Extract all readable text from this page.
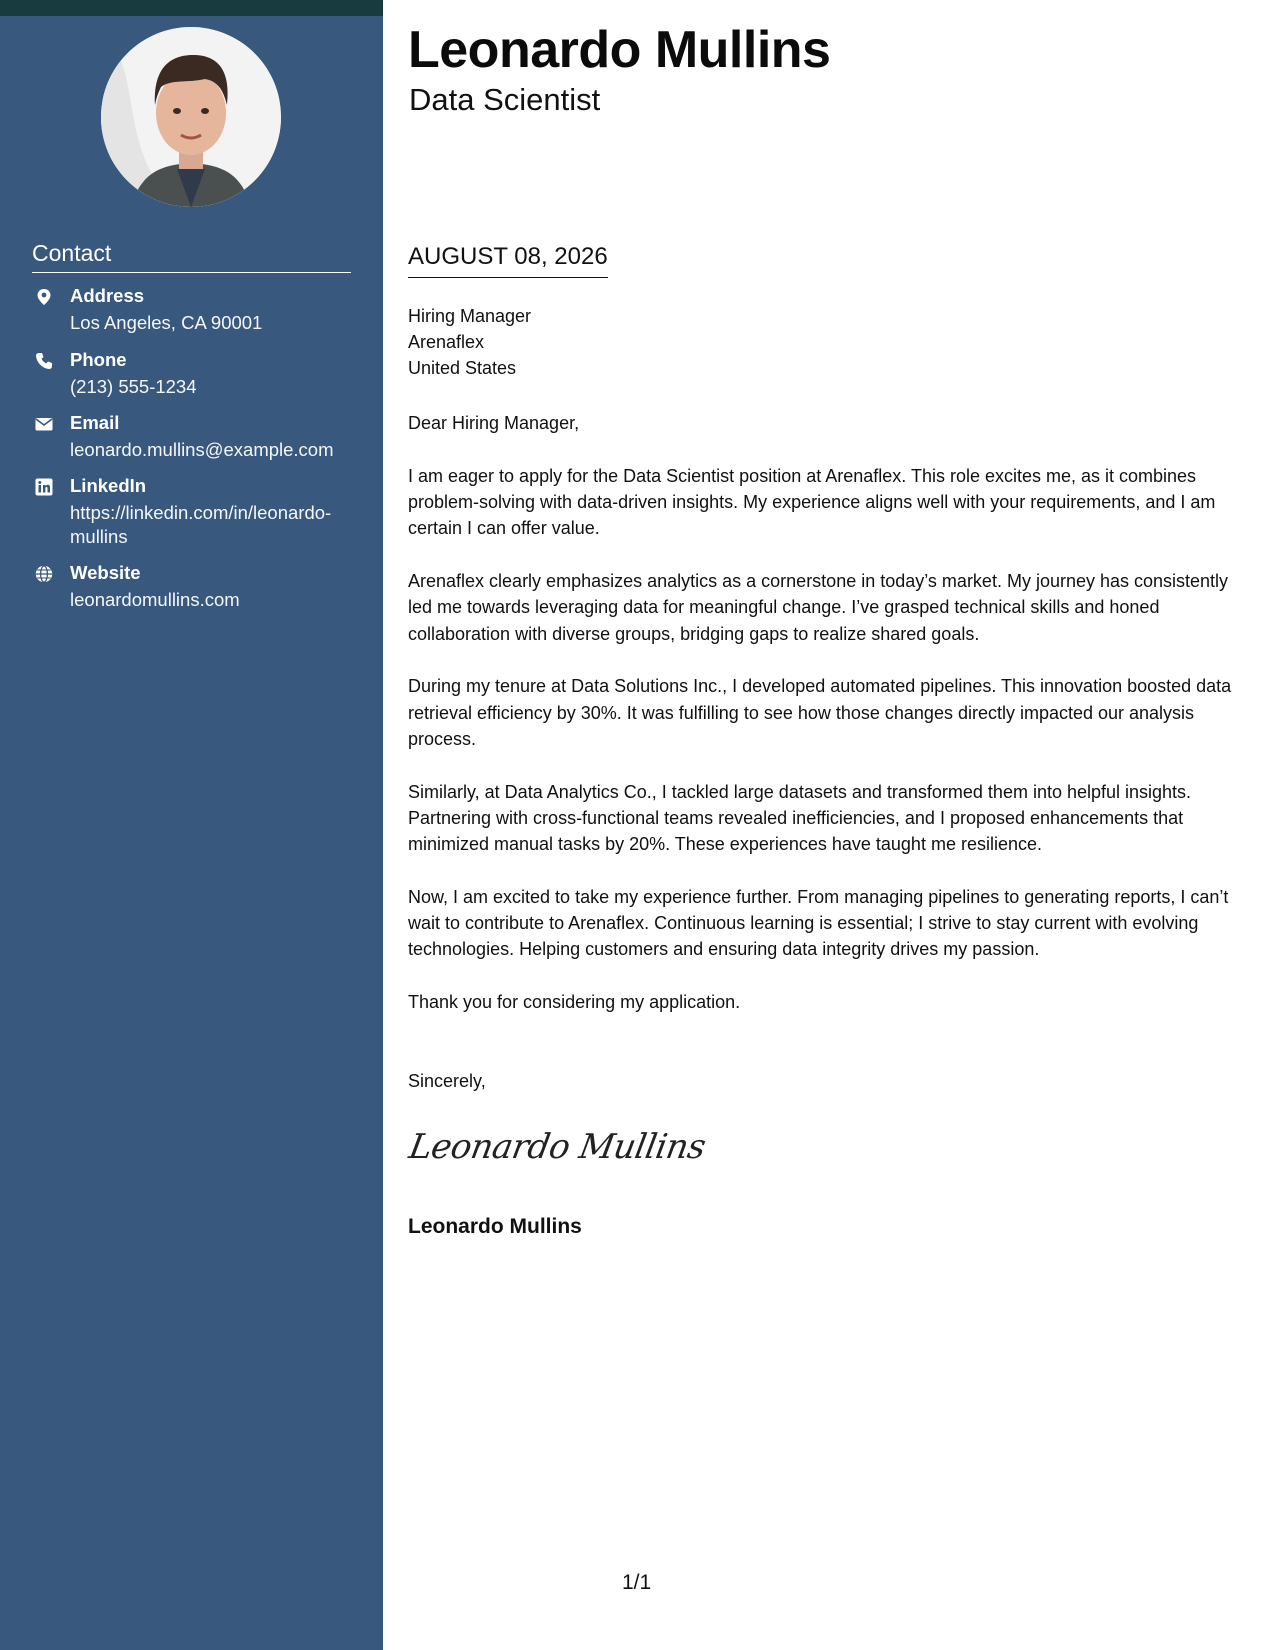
Contact
Address
Los Angeles, CA 90001
Phone
(213) 555-1234
Email
leonardo.mullins@example.com
LinkedIn
https://linkedin.com/in/leonardo-mullins
Website
leonardomullins.com
Leonardo Mullins
Data Scientist
AUGUST 08, 2026
Hiring Manager
Arenaflex
United States

Dear Hiring Manager,

I am eager to apply for the Data Scientist position at Arenaflex. This role excites me, as it combines problem-solving with data-driven insights. My experience aligns well with your requirements, and I am certain I can offer value.

Arenaflex clearly emphasizes analytics as a cornerstone in today’s market. My journey has consistently led me towards leveraging data for meaningful change. I’ve grasped technical skills and honed collaboration with diverse groups, bridging gaps to realize shared goals.

During my tenure at Data Solutions Inc., I developed automated pipelines. This innovation boosted data retrieval efficiency by 30%. It was fulfilling to see how those changes directly impacted our analysis process.

Similarly, at Data Analytics Co., I tackled large datasets and transformed them into helpful insights. Partnering with cross-functional teams revealed inefficiencies, and I proposed enhancements that minimized manual tasks by 20%. These experiences have taught me resilience.

Now, I am excited to take my experience further. From managing pipelines to generating reports, I can’t wait to contribute to Arenaflex. Continuous learning is essential; I strive to stay current with evolving technologies. Helping customers and ensuring data integrity drives my passion.

Thank you for considering my application.

Sincerely,
Leonardo Mullins
Leonardo Mullins
1/1
